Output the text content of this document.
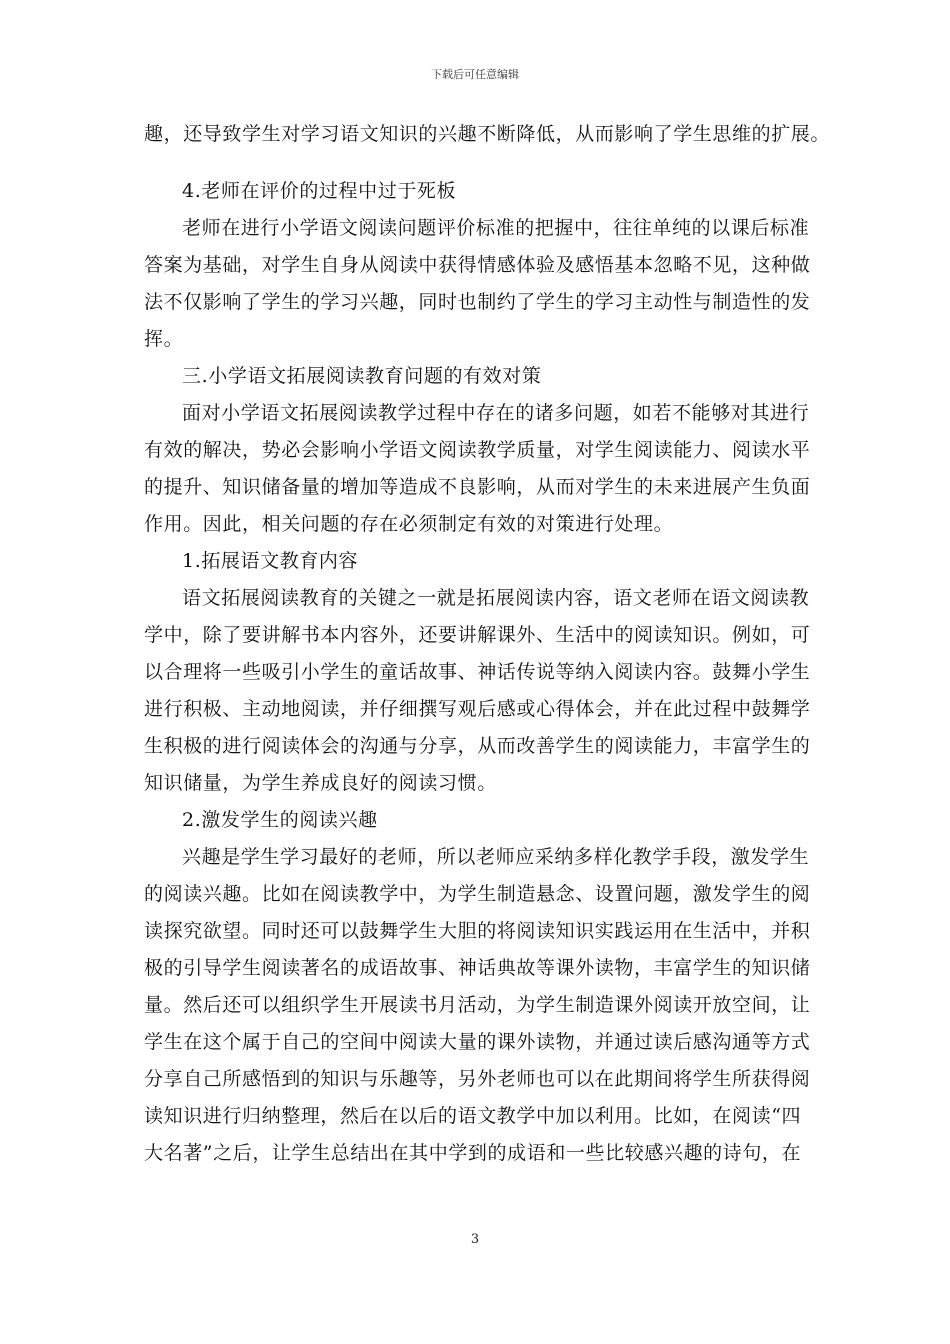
下载后可任意编辑
趣，还导致学生对学习语文知识的兴趣不断降低，从而影响了学生思维的扩展。
4.老师在评价的过程中过于死板
老师在进行小学语文阅读问题评价标准的把握中，往往单纯的以课后标准
答案为基础，对学生自身从阅读中获得情感体验及感悟基本忽略不见，这种做
法不仅影响了学生的学习兴趣，同时也制约了学生的学习主动性与制造性的发
挥。
三.小学语文拓展阅读教育问题的有效对策
面对小学语文拓展阅读教学过程中存在的诸多问题，如若不能够对其进行
有效的解决，势必会影响小学语文阅读教学质量，对学生阅读能力、阅读水平
的提升、知识储备量的增加等造成不良影响，从而对学生的未来进展产生负面
作用。因此，相关问题的存在必须制定有效的对策进行处理。
1.拓展语文教育内容
语文拓展阅读教育的关键之一就是拓展阅读内容，语文老师在语文阅读教
学中，除了要讲解书本内容外，还要讲解课外、生活中的阅读知识。例如，可
以合理将一些吸引小学生的童话故事、神话传说等纳入阅读内容。鼓舞小学生
进行积极、主动地阅读，并仔细撰写观后感或心得体会，并在此过程中鼓舞学
生积极的进行阅读体会的沟通与分享，从而改善学生的阅读能力，丰富学生的
知识储量，为学生养成良好的阅读习惯。
2.激发学生的阅读兴趣
兴趣是学生学习最好的老师，所以老师应采纳多样化教学手段，激发学生
的阅读兴趣。比如在阅读教学中，为学生制造悬念、设置问题，激发学生的阅
读探究欲望。同时还可以鼓舞学生大胆的将阅读知识实践运用在生活中，并积
极的引导学生阅读著名的成语故事、神话典故等课外读物，丰富学生的知识储
量。然后还可以组织学生开展读书月活动，为学生制造课外阅读开放空间，让
学生在这个属于自己的空间中阅读大量的课外读物，并通过读后感沟通等方式
分享自己所感悟到的知识与乐趣等，另外老师也可以在此期间将学生所获得阅
读知识进行归纳整理，然后在以后的语文教学中加以利用。比如，在阅读“四
大名著”之后，让学生总结出在其中学到的成语和一些比较感兴趣的诗句，在
3
